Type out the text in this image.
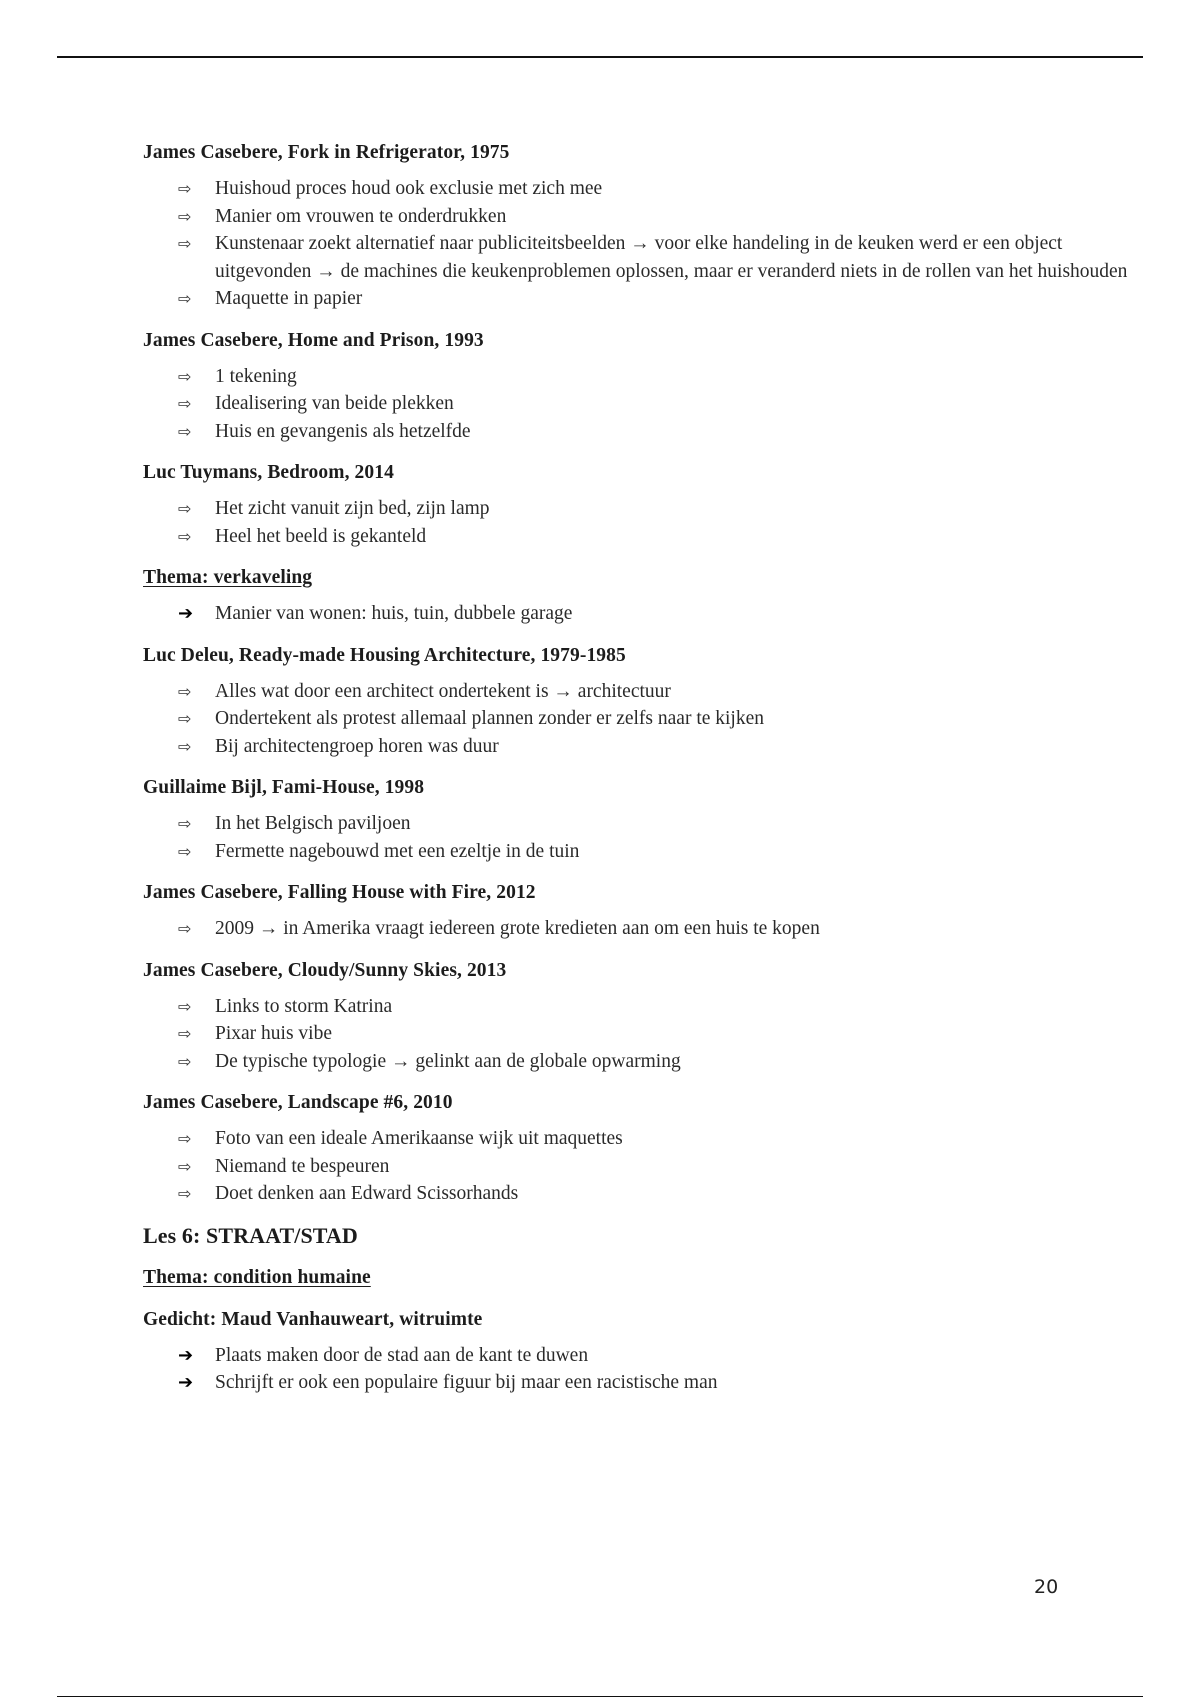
James Casebere, Fork in Refrigerator, 1975

⇨	Huishoud proces houd ook exclusie met zich mee
⇨	Manier om vrouwen te onderdrukken
⇨	Kunstenaar zoekt alternatief naar publiciteitsbeelden → voor elke handeling in de keuken werd er een object uitgevonden → de machines die keukenproblemen oplossen, maar er veranderd niets in de rollen van het huishouden
⇨	Maquette in papier

James Casebere, Home and Prison, 1993

⇨	1 tekening
⇨	Idealisering van beide plekken
⇨	Huis en gevangenis als hetzelfde

Luc Tuymans, Bedroom, 2014

⇨	Het zicht vanuit zijn bed, zijn lamp
⇨	Heel het beeld is gekanteld

Thema: verkaveling

➔	Manier van wonen: huis, tuin, dubbele garage

Luc Deleu, Ready-made Housing Architecture, 1979-1985

⇨	Alles wat door een architect ondertekent is → architectuur
⇨	Ondertekent als protest allemaal plannen zonder er zelfs naar te kijken
⇨	Bij architectengroep horen was duur

Guillaime Bijl, Fami-House, 1998

⇨	In het Belgisch paviljoen
⇨	Fermette nagebouwd met een ezeltje in de tuin

James Casebere, Falling House with Fire, 2012

⇨	2009 → in Amerika vraagt iedereen grote kredieten aan om een huis te kopen

James Casebere, Cloudy/Sunny Skies, 2013

⇨	Links to storm Katrina
⇨	Pixar huis vibe
⇨	De typische typologie → gelinkt aan de globale opwarming

James Casebere, Landscape #6, 2010

⇨	Foto van een ideale Amerikaanse wijk uit maquettes
⇨	Niemand te bespeuren
⇨	Doet denken aan Edward Scissorhands

Les 6: STRAAT/STAD

Thema: condition humaine

Gedicht: Maud Vanhauweart, witruimte

➔	Plaats maken door de stad aan de kant te duwen
➔	Schrijft er ook een populaire figuur bij maar een racistische man
20
